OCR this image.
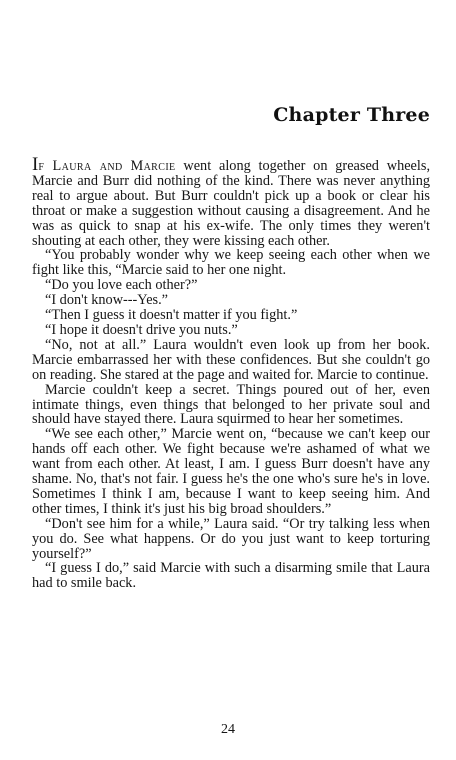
Chapter Three

If Laura and Marcie went along together on greased wheels, Marcie and Burr did nothing of the kind. There was never anything real to argue about. But Burr couldn't pick up a book or clear his throat or make a suggestion without causing a disagreement. And he was as quick to snap at his ex-wife. The only times they weren't shouting at each other, they were kissing each other.

“You probably wonder why we keep seeing each other when we fight like this, “Marcie said to her one night.

“Do you love each other?”

“I don't know---Yes.”

“Then I guess it doesn't matter if you fight.”

“I hope it doesn't drive you nuts.”

“No, not at all.” Laura wouldn't even look up from her book. Marcie embarrassed her with these confidences. But she couldn't go on reading. She stared at the page and waited for. Marcie to continue.

Marcie couldn't keep a secret. Things poured out of her, even intimate things, even things that belonged to her private soul and should have stayed there. Laura squirmed to hear her sometimes.

“We see each other,” Marcie went on, “because we can't keep our hands off each other. We fight because we're ashamed of what we want from each other. At least, I am. I guess Burr doesn't have any shame. No, that's not fair. I guess he's the one who's sure he's in love. Sometimes I think I am, because I want to keep seeing him. And other times, I think it's just his big broad shoulders.”

“Don't see him for a while,” Laura said. “Or try talking less when you do. See what happens. Or do you just want to keep torturing yourself?”

“I guess I do,” said Marcie with such a disarming smile that Laura had to smile back.

24
